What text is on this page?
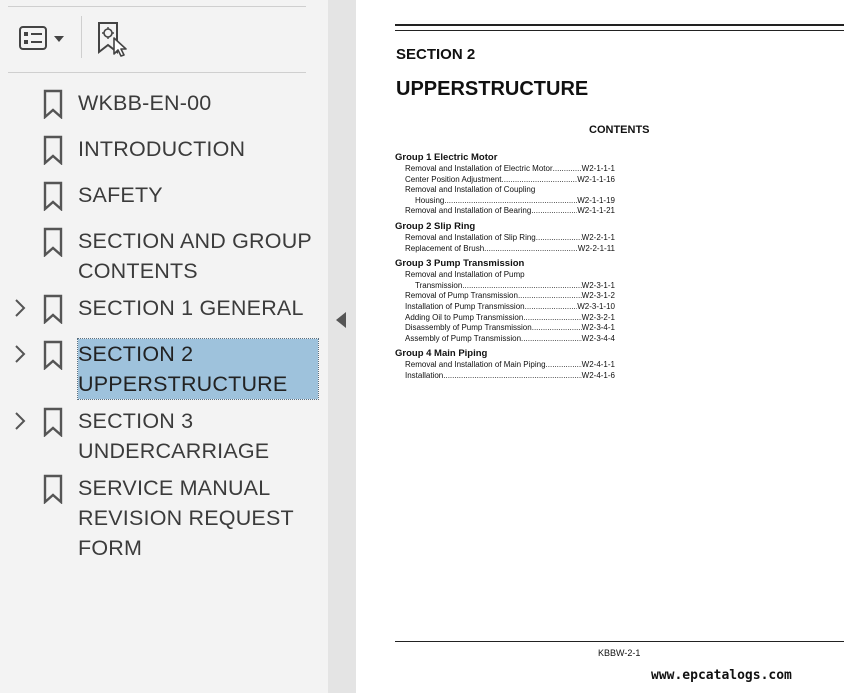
WKBB-EN-00
INTRODUCTION
SAFETY
SECTION AND GROUP CONTENTS
SECTION 1 GENERAL
SECTION 2 UPPERSTRUCTURE
SECTION 3 UNDERCARRIAGE
SERVICE MANUAL REVISION REQUEST FORM
SECTION 2
UPPERSTRUCTURE
CONTENTS
Group 1 Electric Motor
Removal and Installation of Electric Motor .....	W2-1-1-1
Center Position Adjustment .....	W2-1-1-16
Removal and Installation of Coupling
Housing .....	W2-1-1-19
Removal and Installation of Bearing .....	W2-1-1-21
Group 2 Slip Ring
Removal and Installation of Slip Ring .....	W2-2-1-1
Replacement of Brush .....	W2-2-1-11
Group 3 Pump Transmission
Removal and Installation of Pump
Transmission .....	W2-3-1-1
Removal of Pump Transmission .....	W2-3-1-2
Installation of Pump Transmission .....	W2-3-1-10
Adding Oil to Pump Transmission .....	W2-3-2-1
Disassembly of Pump Transmission .....	W2-3-4-1
Assembly of Pump Transmission .....	W2-3-4-4
Group 4 Main Piping
Removal and Installation of Main Piping .....	W2-4-1-1
Installation .....	W2-4-1-6
KBBW-2-1
www.epcatalogs.com
